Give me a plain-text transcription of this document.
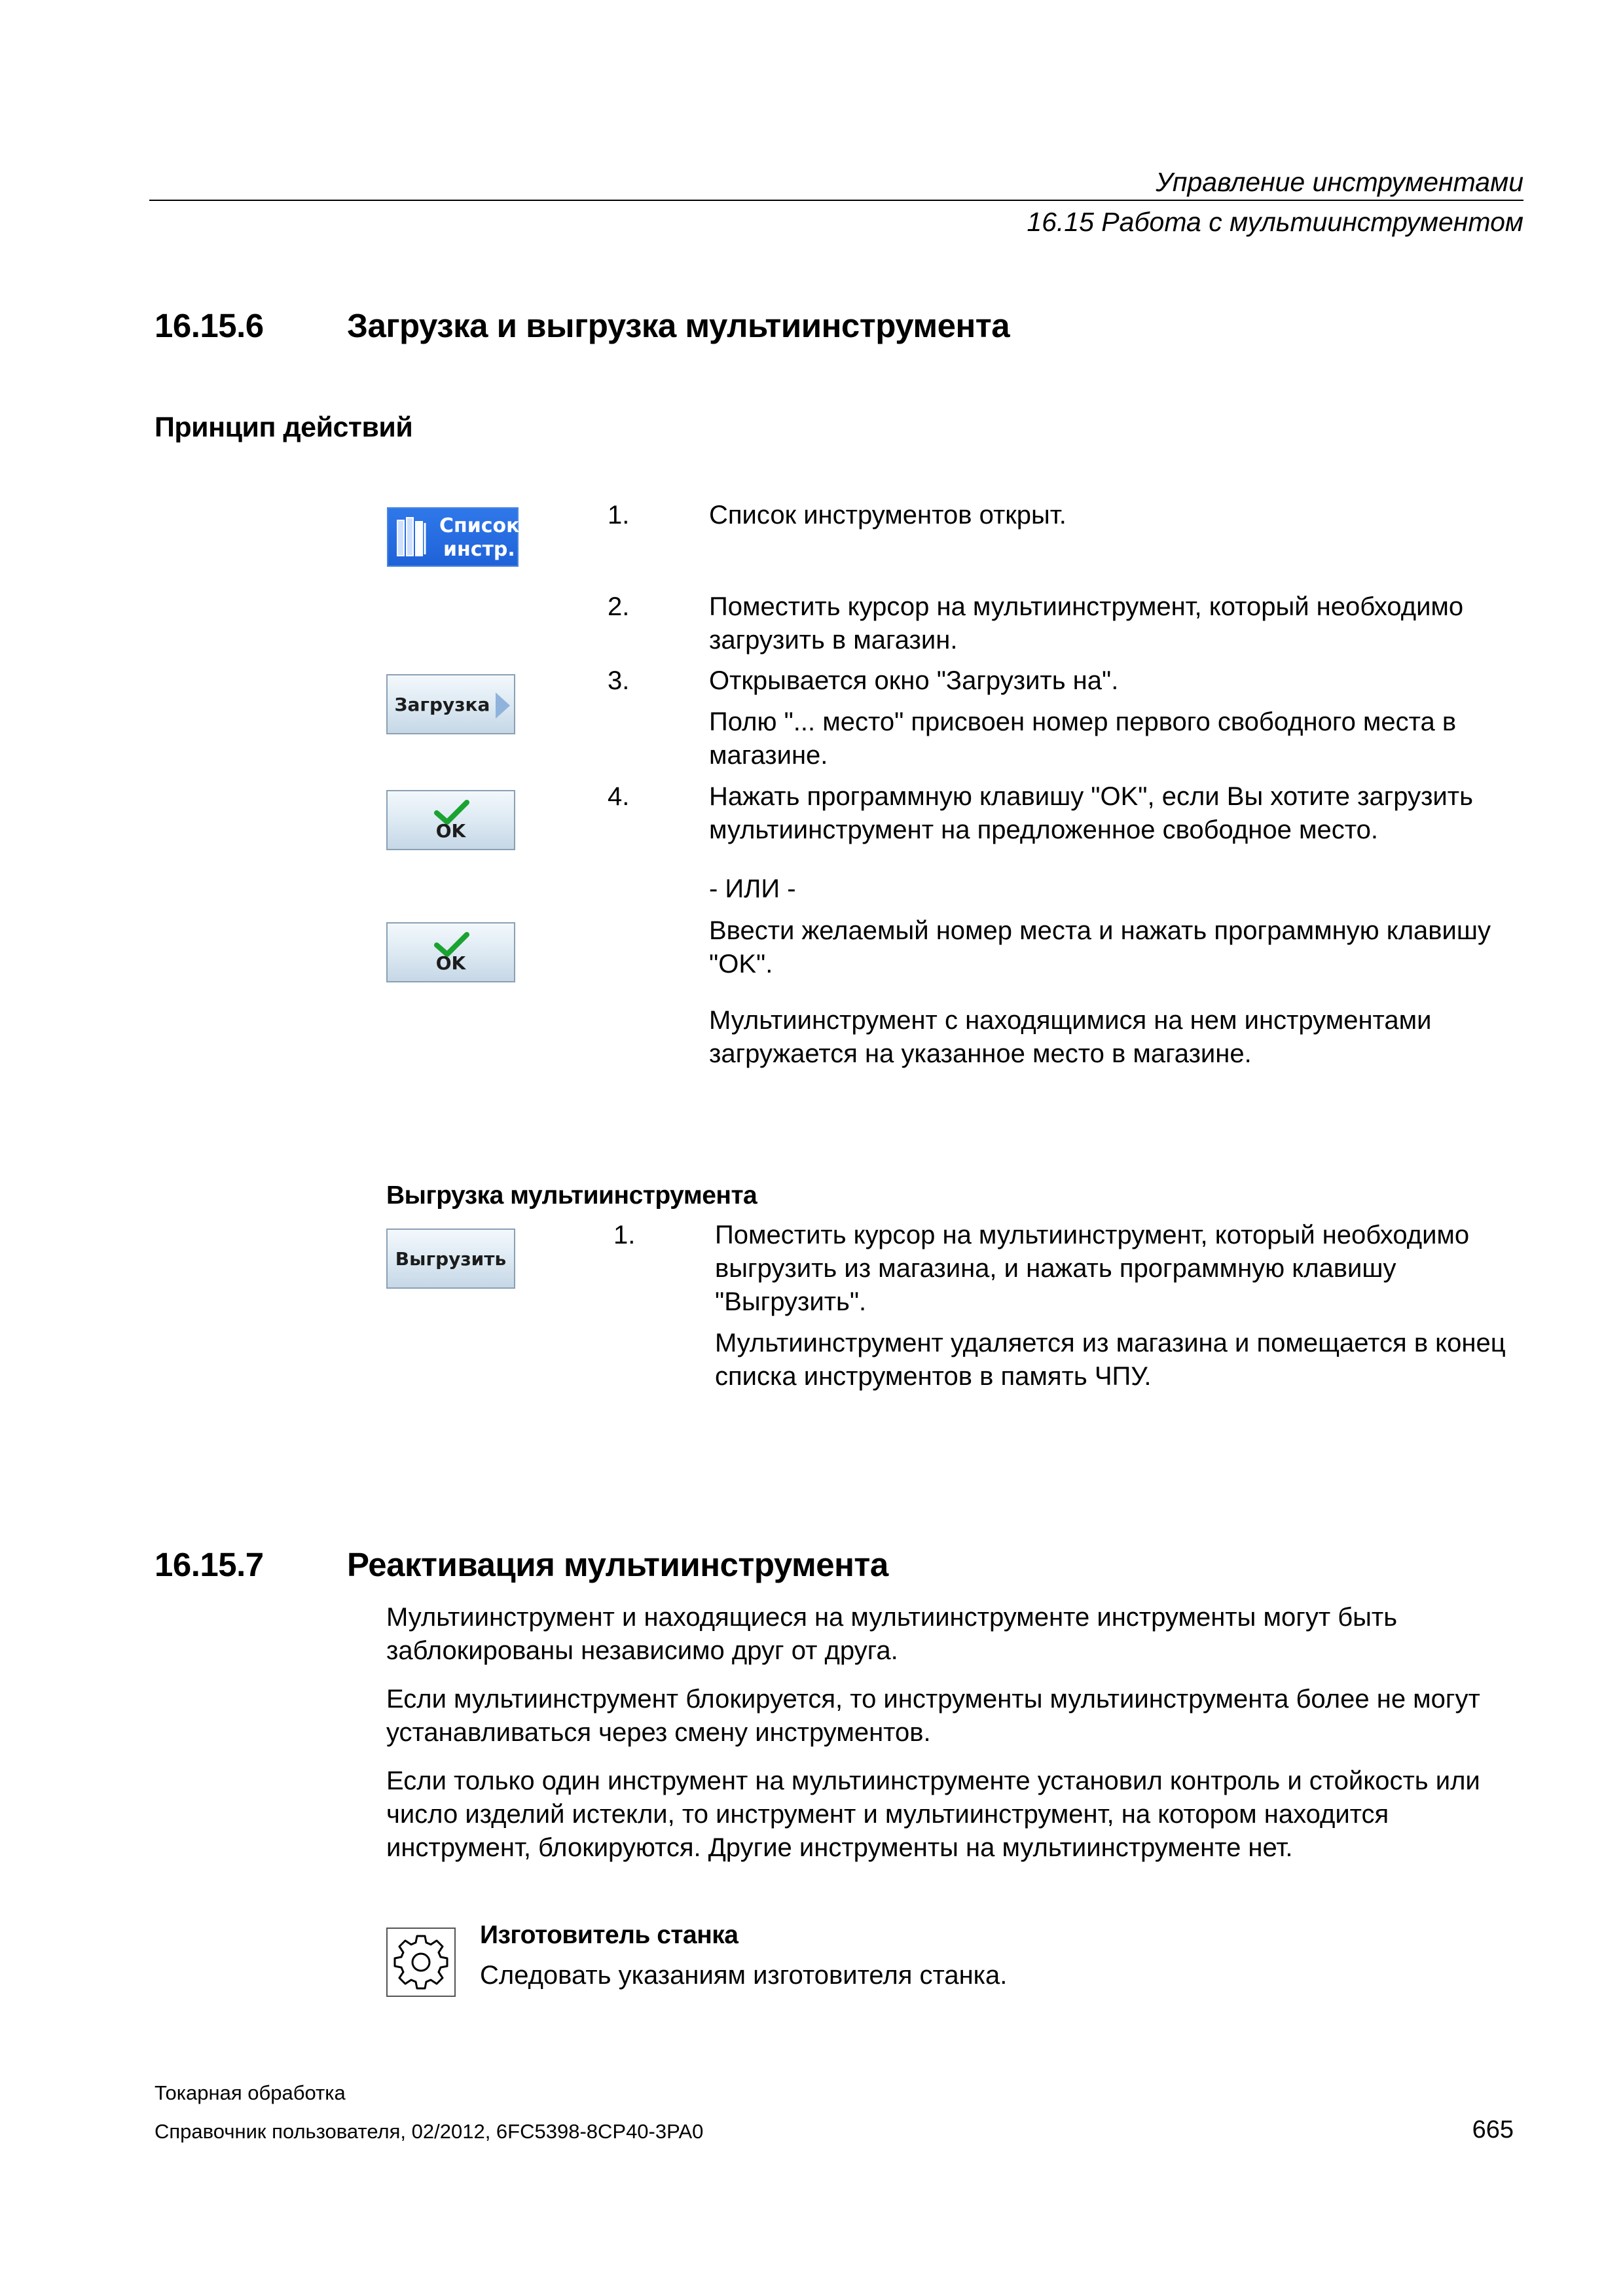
Управление инструментами
16.15 Работа с мультиинструментом
16.15.6 Загрузка и выгрузка мультиинструмента
Принцип действий
Список
инстр.
Загрузка
OK
OK
1.	Список инструментов открыт.
2.	Поместить курсор на мультиинструмент, который необходимо загрузить в магазин.
3.	Открывается окно "Загрузить на".
Полю "... место" присвоен номер первого свободного места в магазине.
4.	Нажать программную клавишу "OK", если Вы хотите загрузить мультиинструмент на предложенное свободное место.
- ИЛИ -
Ввести желаемый номер места и нажать программную клавишу "OK".
Мультиинструмент с находящимися на нем инструментами загружается на указанное место в магазине.
Выгрузка мультиинструмента
Выгрузить
1.	Поместить курсор на мультиинструмент, который необходимо выгрузить из магазина, и нажать программную клавишу "Выгрузить".
Мультиинструмент удаляется из магазина и помещается в конец списка инструментов в память ЧПУ.
16.15.7 Реактивация мультиинструмента
Мультиинструмент и находящиеся на мультиинструменте инструменты могут быть заблокированы независимо друг от друга.
Если мультиинструмент блокируется, то инструменты мультиинструмента более не могут устанавливаться через смену инструментов.
Если только один инструмент на мультиинструменте установил контроль и стойкость или число изделий истекли, то инструмент и мультиинструмент, на котором находится инструмент, блокируются. Другие инструменты на мультиинструменте нет.
Изготовитель станка
Следовать указаниям изготовителя станка.
Токарная обработка
Справочник пользователя, 02/2012, 6FC5398-8CP40-3PA0	665
